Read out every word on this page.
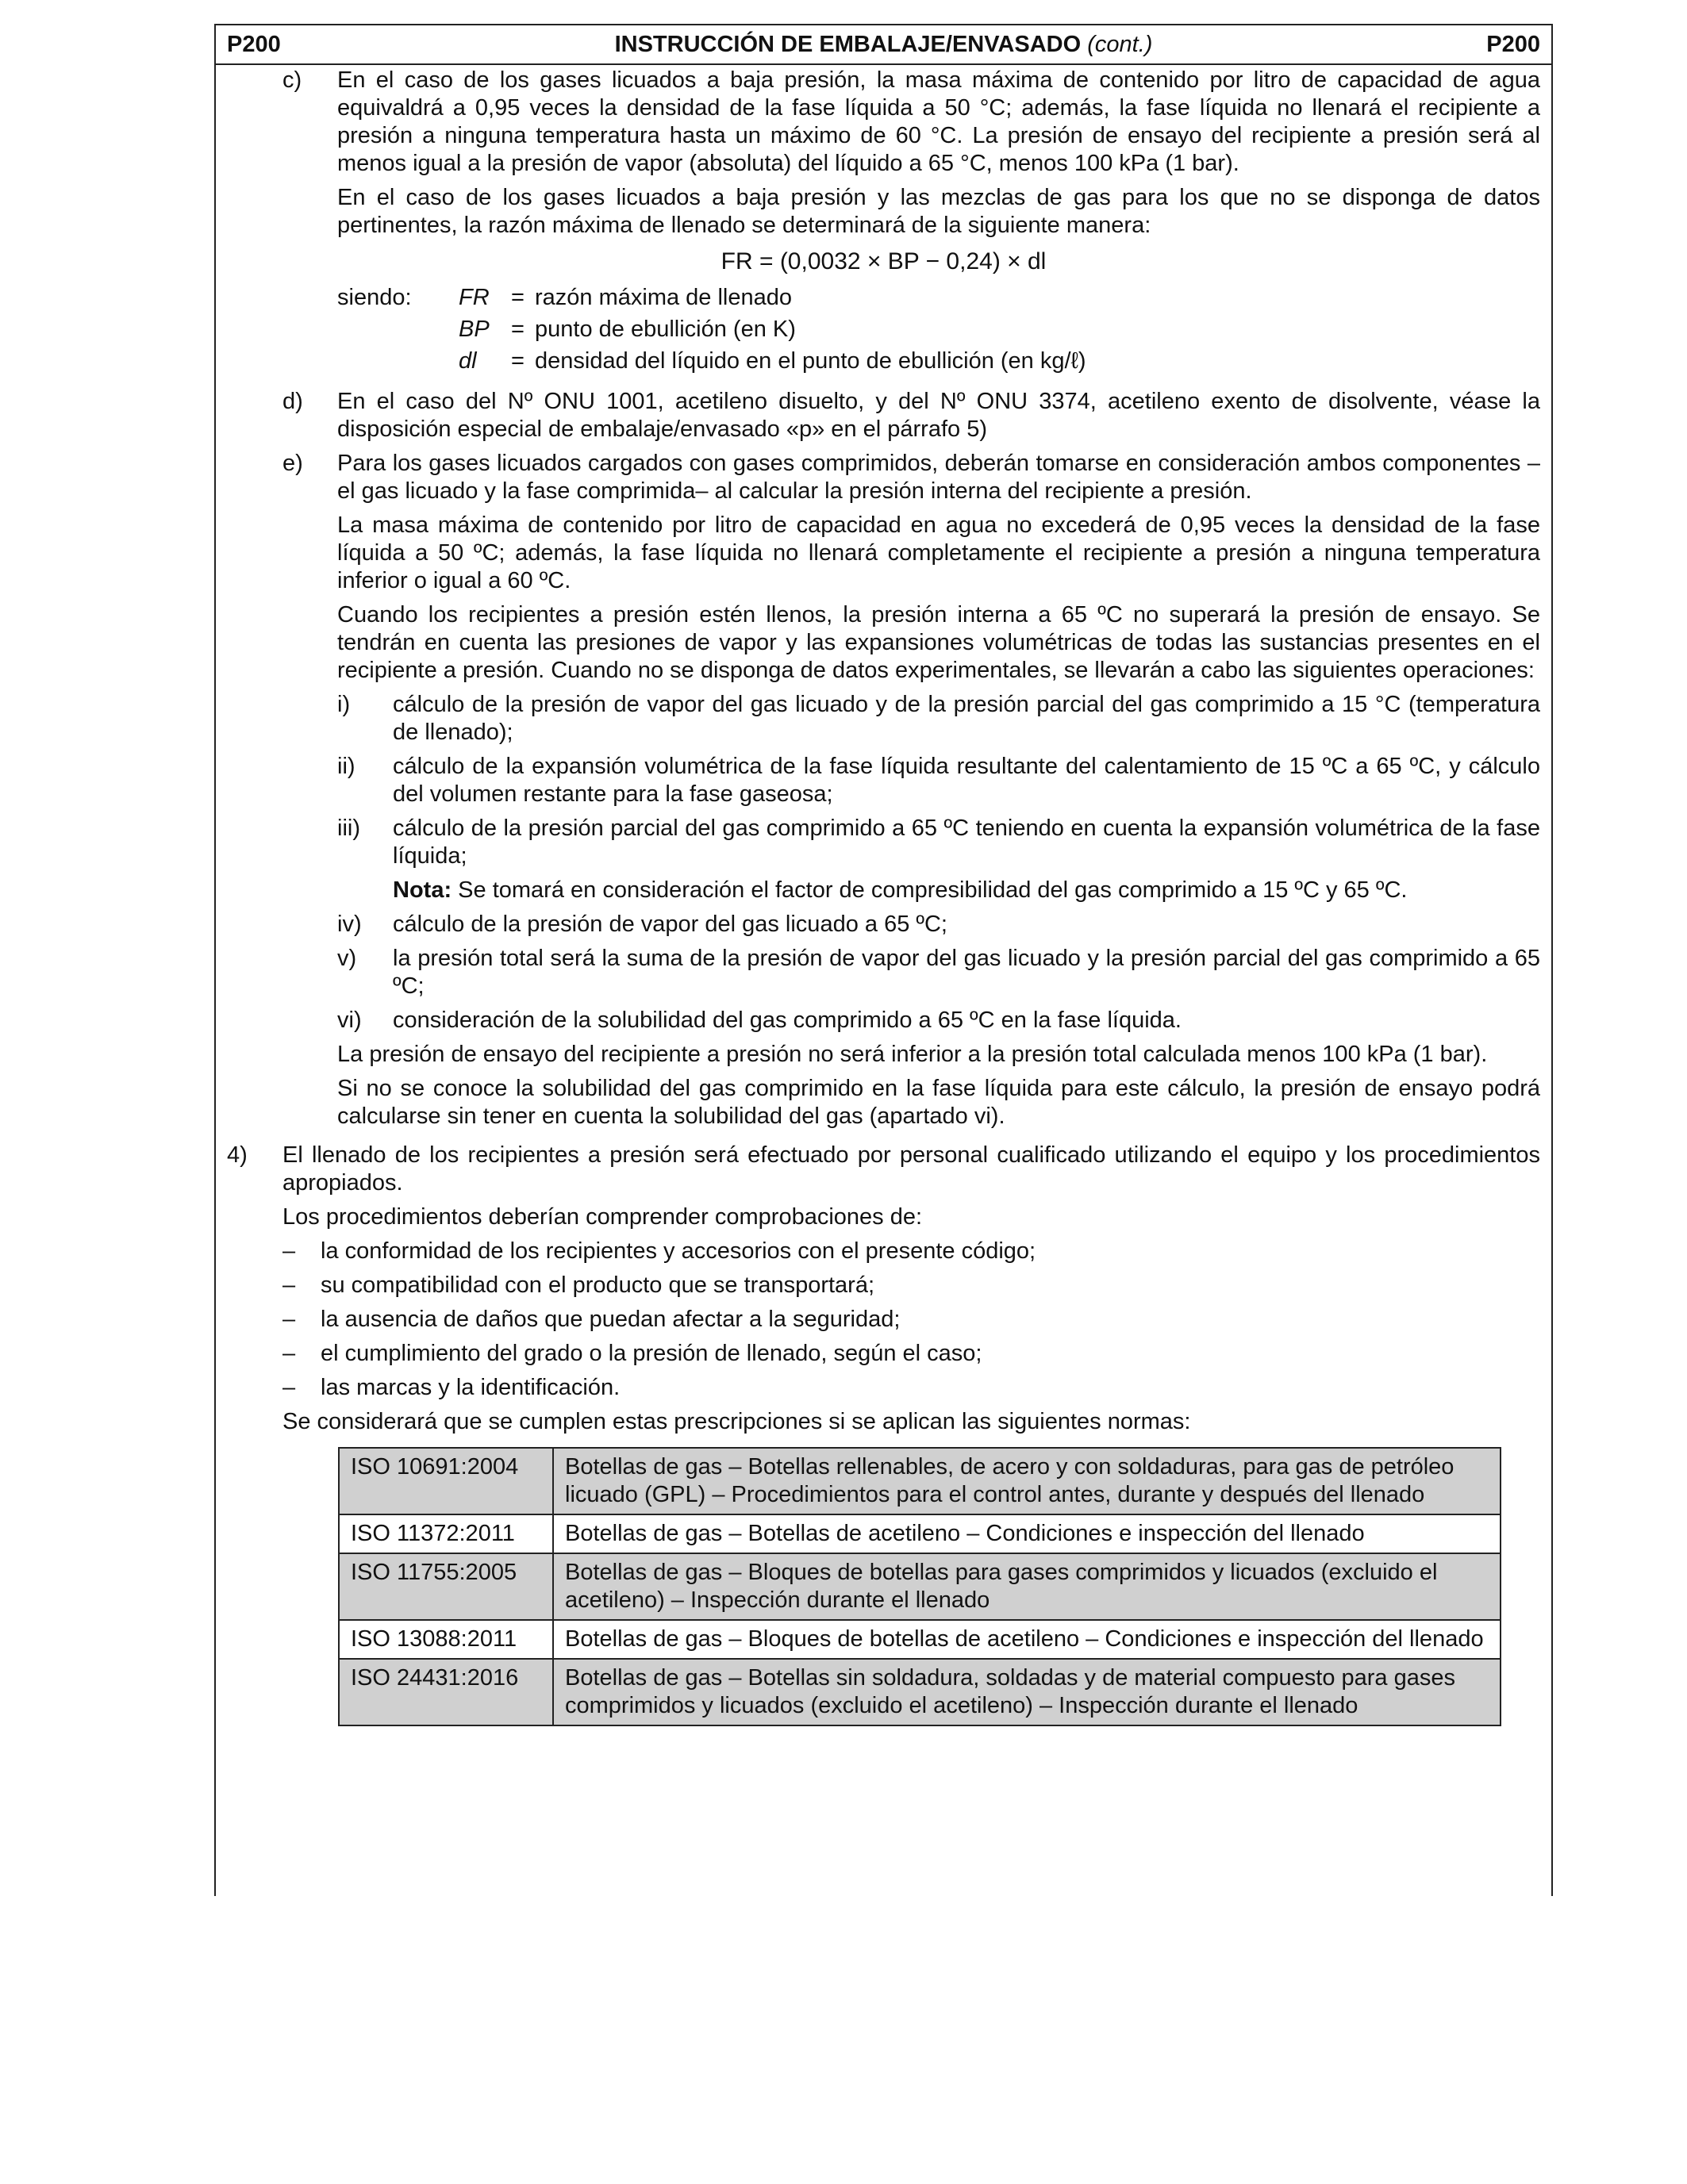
P200	INSTRUCCIÓN DE EMBALAJE/ENVASADO (cont.)	P200
c) En el caso de los gases licuados a baja presión, la masa máxima de contenido por litro de capacidad de agua equivaldrá a 0,95 veces la densidad de la fase líquida a 50 °C; además, la fase líquida no llenará el recipiente a presión a ninguna temperatura hasta un máximo de 60 °C. La presión de ensayo del recipiente a presión será al menos igual a la presión de vapor (absoluta) del líquido a 65 °C, menos 100 kPa (1 bar).

En el caso de los gases licuados a baja presión y las mezclas de gas para los que no se disponga de datos pertinentes, la razón máxima de llenado se determinará de la siguiente manera:

FR = (0,0032 × BP − 0,24) × dl
siendo:	FR = razón máxima de llenado
BP = punto de ebullición (en K)
dl	= densidad del líquido en el punto de ebullición (en kg/ℓ)
d) En el caso del Nº ONU 1001, acetileno disuelto, y del Nº ONU 3374, acetileno exento de disolvente, véase la disposición especial de embalaje/envasado «p» en el párrafo 5)

e) Para los gases licuados cargados con gases comprimidos, deberán tomarse en consideración ambos componentes –el gas licuado y la fase comprimida– al calcular la presión interna del recipiente a presión.

La masa máxima de contenido por litro de capacidad en agua no excederá de 0,95 veces la densidad de la fase líquida a 50 ºC; además, la fase líquida no llenará completamente el recipiente a presión a ninguna temperatura inferior o igual a 60 ºC.

Cuando los recipientes a presión estén llenos, la presión interna a 65 ºC no superará la presión de ensayo. Se tendrán en cuenta las presiones de vapor y las expansiones volumétricas de todas las sustancias presentes en el recipiente a presión. Cuando no se disponga de datos experimentales, se llevarán a cabo las siguientes operaciones:

i) cálculo de la presión de vapor del gas licuado y de la presión parcial del gas comprimido a 15 °C (temperatura de llenado);

ii) cálculo de la expansión volumétrica de la fase líquida resultante del calentamiento de 15 ºC a 65 ºC, y cálculo del volumen restante para la fase gaseosa;

iii) cálculo de la presión parcial del gas comprimido a 65 ºC teniendo en cuenta la expansión volumétrica de la fase líquida;

Nota: Se tomará en consideración el factor de compresibilidad del gas comprimido a 15 ºC y 65 ºC.

iv) cálculo de la presión de vapor del gas licuado a 65 ºC;

v) la presión total será la suma de la presión de vapor del gas licuado y la presión parcial del gas comprimido a 65 ºC;

vi) consideración de la solubilidad del gas comprimido a 65 ºC en la fase líquida.

La presión de ensayo del recipiente a presión no será inferior a la presión total calculada menos 100 kPa (1 bar).

Si no se conoce la solubilidad del gas comprimido en la fase líquida para este cálculo, la presión de ensayo podrá calcularse sin tener en cuenta la solubilidad del gas (apartado vi).

4) El llenado de los recipientes a presión será efectuado por personal cualificado utilizando el equipo y los procedimientos apropiados.

Los procedimientos deberían comprender comprobaciones de:

–	la conformidad de los recipientes y accesorios con el presente código;
–	su compatibilidad con el producto que se transportará;
–	la ausencia de daños que puedan afectar a la seguridad;
–	el cumplimiento del grado o la presión de llenado, según el caso;
–	las marcas y la identificación.

Se considerará que se cumplen estas prescripciones si se aplican las siguientes normas:

ISO 10691:2004	Botellas de gas – Botellas rellenables, de acero y con soldaduras, para gas de petróleo licuado (GPL) – Procedimientos para el control antes, durante y después del llenado
ISO 11372:2011	Botellas de gas – Botellas de acetileno – Condiciones e inspección del llenado
ISO 11755:2005	Botellas de gas – Bloques de botellas para gases comprimidos y licuados (excluido el acetileno) – Inspección durante el llenado
ISO 13088:2011	Botellas de gas – Bloques de botellas de acetileno – Condiciones e inspección del llenado
ISO 24431:2016	Botellas de gas – Botellas sin soldadura, soldadas y de material compuesto para gases comprimidos y licuados (excluido el acetileno) – Inspección durante el llenado
